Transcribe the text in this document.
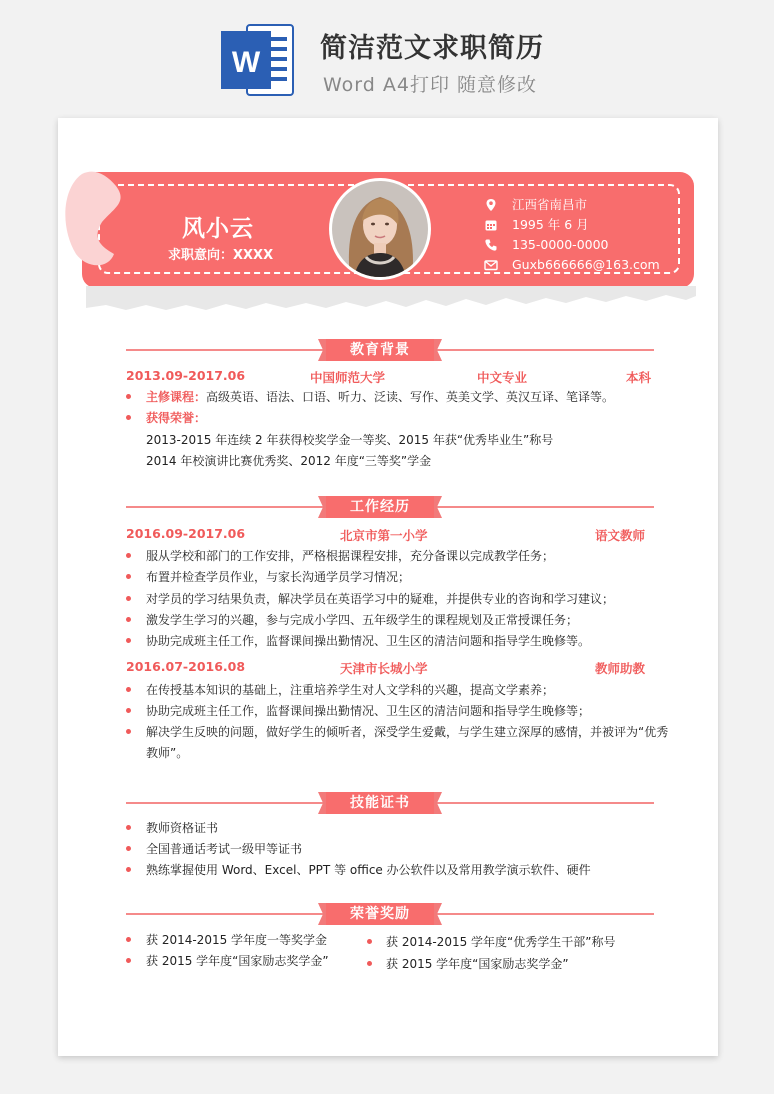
W 简洁范文求职简历
Word A4打印 随意修改
风小云
求职意向：XXXX
江西省南昌市
1995 年 6 月
135-0000-0000
Guxb666666@163.com
教育背景
2013.09-2017.06	中国师范大学	中文专业	本科
主修课程：高级英语、语法、口语、听力、泛读、写作、英美文学、英汉互译、笔译等。
获得荣誉：
2013-2015 年连续 2 年获得校奖学金一等奖、2015 年获“优秀毕业生”称号
2014 年校演讲比赛优秀奖、2012 年度“三等奖”学金
工作经历
2016.09-2017.06	北京市第一小学	语文教师
服从学校和部门的工作安排，严格根据课程安排，充分备课以完成教学任务；
布置并检查学员作业，与家长沟通学员学习情况；
对学员的学习结果负责，解决学员在英语学习中的疑难，并提供专业的咨询和学习建议；
激发学生学习的兴趣，参与完成小学四、五年级学生的课程规划及正常授课任务；
协助完成班主任工作，监督课间操出勤情况、卫生区的清洁问题和指导学生晚修等。
2016.07-2016.08	天津市长城小学	教师助教
在传授基本知识的基础上，注重培养学生对人文学科的兴趣，提高文学素养；
协助完成班主任工作，监督课间操出勤情况、卫生区的清洁问题和指导学生晚修等；
解决学生反映的问题，做好学生的倾听者，深受学生爱戴，与学生建立深厚的感情，并被评为“优秀
教师”。
技能证书
教师资格证书
全国普通话考试一级甲等证书
熟练掌握使用 Word、Excel、PPT 等 office 办公软件以及常用教学演示软件、硬件
荣誉奖励
获 2014-2015 学年度一等奖学金
获 2015 学年度“国家励志奖学金”
获 2014-2015 学年度“优秀学生干部”称号
获 2015 学年度“国家励志奖学金”
